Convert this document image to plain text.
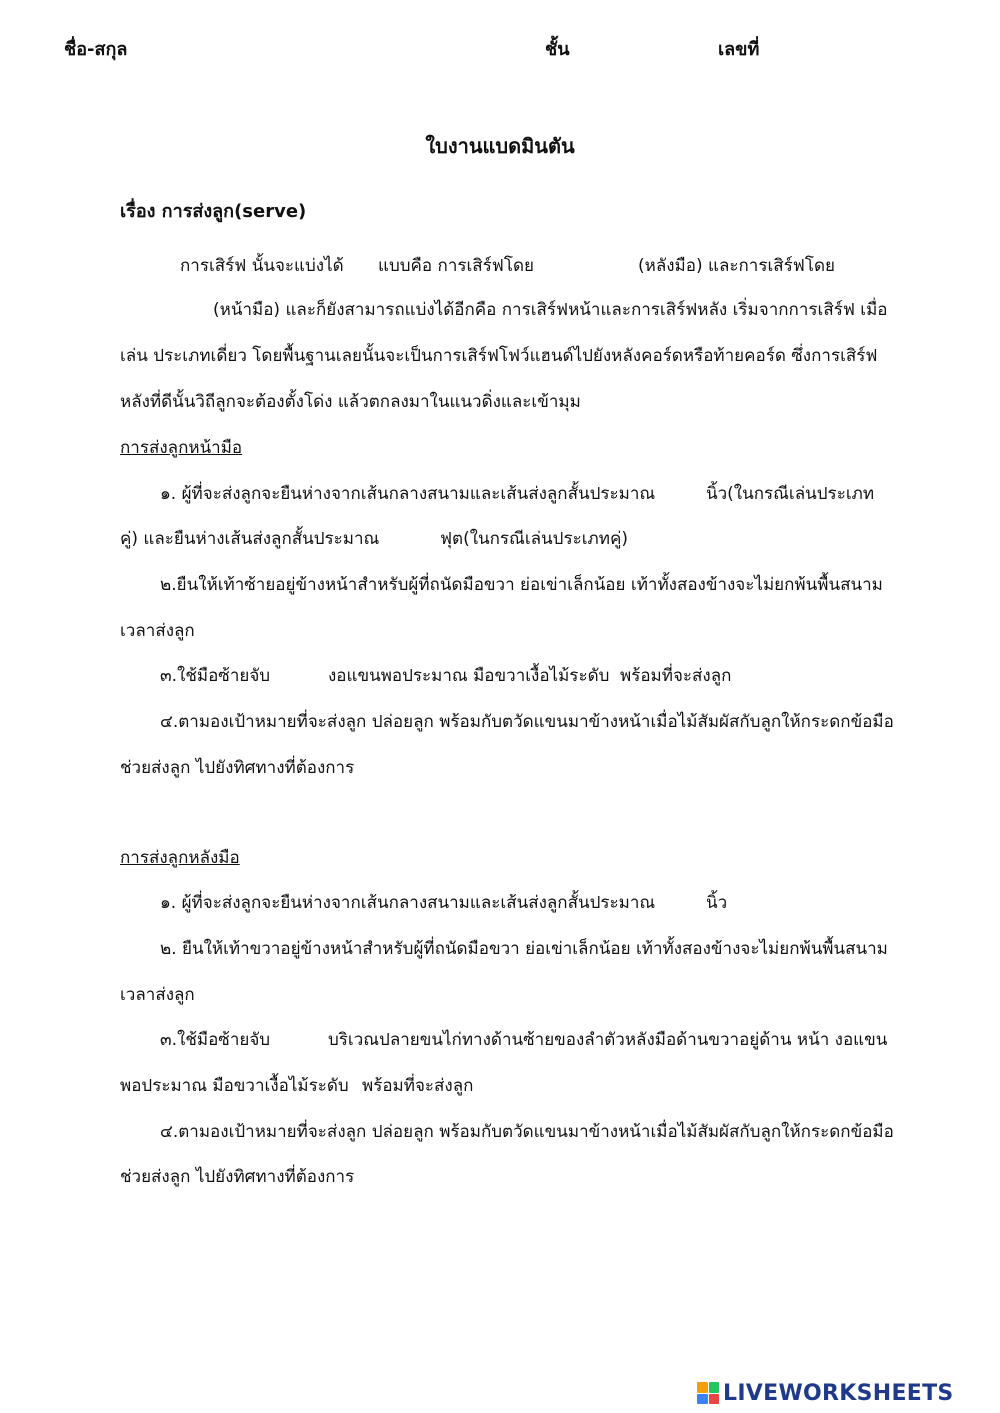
ชื่อ-สกุล	ชั้น	เลขที่
ใบงานแบดมินตัน
เรื่อง การส่งลูก(serve)
การเสิร์ฟ นั้นจะแบ่งได้ แบบคือ การเสิร์ฟโดย	(หลังมือ) และการเสิร์ฟโดย
(หน้ามือ) และก็ยังสามารถแบ่งได้อีกคือ การเสิร์ฟหน้าและการเสิร์ฟหลัง เริ่มจากการเสิร์ฟ เมื่อ
เล่น ประเภทเดี่ยว โดยพื้นฐานเลยนั้นจะเป็นการเสิร์ฟโฟว์แฮนด์ไปยังหลังคอร์ดหรือท้ายคอร์ด ซึ่งการเสิร์ฟ
หลังที่ดีนั้นวิถีลูกจะต้องตั้งโด่ง แล้วตกลงมาในแนวดิ่งและเข้ามุม
การส่งลูกหน้ามือ
๑. ผู้ที่จะส่งลูกจะยืนห่างจากเส้นกลางสนามและเส้นส่งลูกสั้นประมาณ	นิ้ว(ในกรณีเล่นประเภท
คู่) และยืนห่างเส้นส่งลูกสั้นประมาณ	ฟุต(ในกรณีเล่นประเภทคู่)
๒.ยืนให้เท้าซ้ายอยู่ข้างหน้าสำหรับผู้ที่ถนัดมือขวา ย่อเข่าเล็กน้อย เท้าทั้งสองข้างจะไม่ยกพ้นพื้นสนาม
เวลาส่งลูก
๓.ใช้มือซ้ายจับ	งอแขนพอประมาณ มือขวาเงื้อไม้ระดับ พร้อมที่จะส่งลูก
๔.ตามองเป้าหมายที่จะส่งลูก ปล่อยลูก พร้อมกับตวัดแขนมาข้างหน้าเมื่อไม้สัมผัสกับลูกให้กระดกข้อมือ
ช่วยส่งลูก ไปยังทิศทางที่ต้องการ
การส่งลูกหลังมือ
๑. ผู้ที่จะส่งลูกจะยืนห่างจากเส้นกลางสนามและเส้นส่งลูกสั้นประมาณ	นิ้ว
๒. ยืนให้เท้าขวาอยู่ข้างหน้าสำหรับผู้ที่ถนัดมือขวา ย่อเข่าเล็กน้อย เท้าทั้งสองข้างจะไม่ยกพ้นพื้นสนาม
เวลาส่งลูก
๓.ใช้มือซ้ายจับ	บริเวณปลายขนไก่ทางด้านซ้ายของลำตัวหลังมือด้านขวาอยู่ด้าน หน้า งอแขน
พอประมาณ มือขวาเงื้อไม้ระดับ พร้อมที่จะส่งลูก
๔.ตามองเป้าหมายที่จะส่งลูก ปล่อยลูก พร้อมกับตวัดแขนมาข้างหน้าเมื่อไม้สัมผัสกับลูกให้กระดกข้อมือ
ช่วยส่งลูก ไปยังทิศทางที่ต้องการ
LIVEWORKSHEETS
